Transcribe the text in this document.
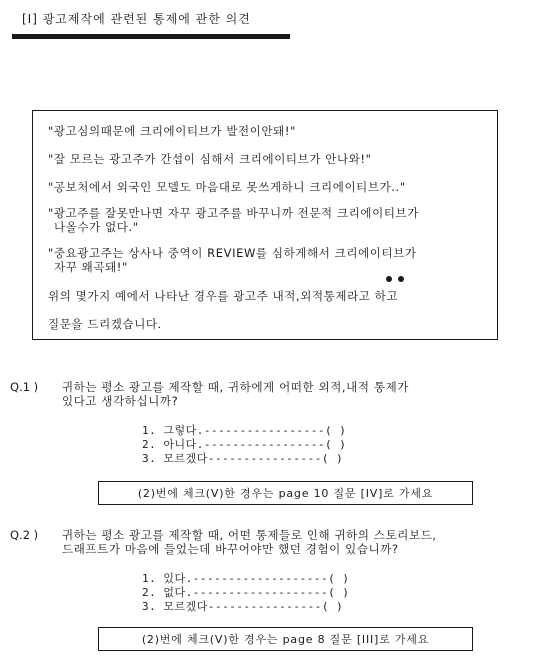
[I] 광고제작에 관련된 통제에 관한 의견
"광고심의때문에 크리에이티브가 발전이안돼!"
"잘 모르는 광고주가 간섭이 심해서 크리에이티브가 안나와!"
"공보처에서 외국인 모델도 마음대로 못쓰게하니 크리에이티브가.."
"광고주를 잘못만나면 자꾸 광고주를 바꾸니까 전문적 크리에이티브가
나올수가 없다."
"중요광고주는 상사나 중역이 REVIEW를 심하게해서 크리에이티브가
자꾸 왜곡돼!"
위의 몇가지 예에서 나타난 경우를 광고주 내적,외적통제라고 하고
질문을 드리겠습니다.
Q.1 ) 귀하는 평소 광고를 제작할 때, 귀하에게 어떠한 외적,내적 통제가
있다고 생각하십니까?
1. 그렇다.-----------------( )
2. 아니다.-----------------( )
3. 모르겠다----------------( )
(2)번에 체크(V)한 경우는 page 10 질문 [IV]로 가세요
Q.2 ) 귀하는 평소 광고를 제작할 때, 어떤 통제들로 인해 귀하의 스토리보드,
드래프트가 마음에 들었는데 바꾸어야만 했던 경험이 있습니까?
1. 있다.-------------------( )
2. 없다.-------------------( )
3. 모르겠다----------------( )
(2)번에 체크(V)한 경우는 page 8 질문 [III]로 가세요
